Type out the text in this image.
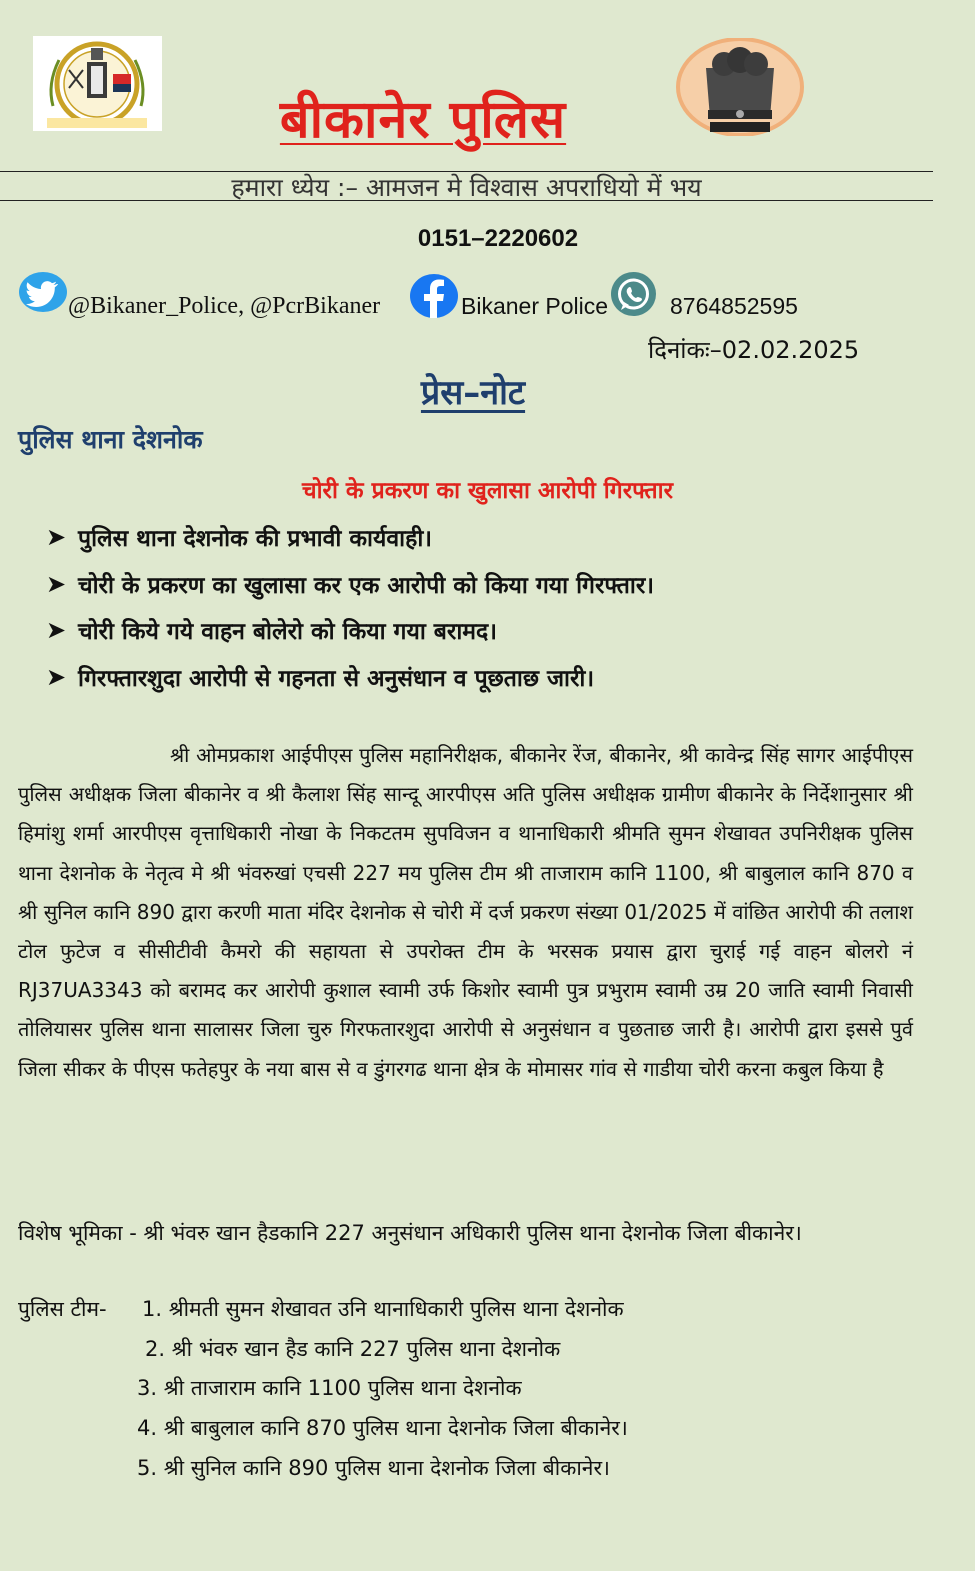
बीकानेर पुलिस
हमारा ध्येय :– आमजन मे विश्वास अपराधियो में भय
0151–2220602
@Bikaner_Police, @PcrBikaner	Bikaner Police	8764852595
दिनांकः–02.02.2025
प्रेस–नोट
पुलिस थाना देशनोक
चोरी के प्रकरण का खुलासा आरोपी गिरफ्तार
➤ पुलिस थाना देशनोक की प्रभावी कार्यवाही।
➤ चोरी के प्रकरण का खुलासा कर एक आरोपी को किया गया गिरफ्तार।
➤ चोरी किये गये वाहन बोलेरो को किया गया बरामद।
➤ गिरफ्तारशुदा आरोपी से गहनता से अनुसंधान व पूछताछ जारी।

श्री ओमप्रकाश आईपीएस पुलिस महानिरीक्षक, बीकानेर रेंज, बीकानेर, श्री कावेन्द्र सिंह सागर आईपीएस पुलिस अधीक्षक जिला बीकानेर व श्री कैलाश सिंह सान्दू आरपीएस अति पुलिस अधीक्षक ग्रामीण बीकानेर के निर्देशानुसार श्री हिमांशु शर्मा आरपीएस वृत्ताधिकारी नोखा के निकटतम सुपविजन व थानाधिकारी श्रीमति सुमन शेखावत उपनिरीक्षक पुलिस थाना देशनोक के नेतृत्व मे श्री भंवरुखां एचसी 227 मय पुलिस टीम श्री ताजाराम कानि 1100, श्री बाबुलाल कानि 870 व श्री सुनिल कानि 890 द्वारा करणी माता मंदिर देशनोक से चोरी में दर्ज प्रकरण संख्या 01/2025 में वांछित आरोपी की तलाश टोल फुटेज व सीसीटीवी कैमरो की सहायता से उपरोक्त टीम के भरसक प्रयास द्वारा चुराई गई वाहन बोलरो नं RJ37UA3343 को बरामद कर आरोपी कुशाल स्वामी उर्फ किशोर स्वामी पुत्र प्रभुराम स्वामी उम्र 20 जाति स्वामी निवासी तोलियासर पुलिस थाना सालासर जिला चुरु गिरफतारशुदा आरोपी से अनुसंधान व पुछताछ जारी है। आरोपी द्वारा इससे पुर्व जिला सीकर के पीएस फतेहपुर के नया बास से व डुंगरगढ थाना क्षेत्र के मोमासर गांव से गाडीया चोरी करना कबुल किया है

विशेष भूमिका - श्री भंवरु खान हैडकानि 227 अनुसंधान अधिकारी पुलिस थाना देशनोक जिला बीकानेर।

पुलिस टीम- 1. श्रीमती सुमन शेखावत उनि थानाधिकारी पुलिस थाना देशनोक
2. श्री भंवरु खान हैड कानि 227 पुलिस थाना देशनोक
3. श्री ताजाराम कानि 1100 पुलिस थाना देशनोक
4. श्री बाबुलाल कानि 870 पुलिस थाना देशनोक जिला बीकानेर।
5. श्री सुनिल कानि 890 पुलिस थाना देशनोक जिला बीकानेर।
